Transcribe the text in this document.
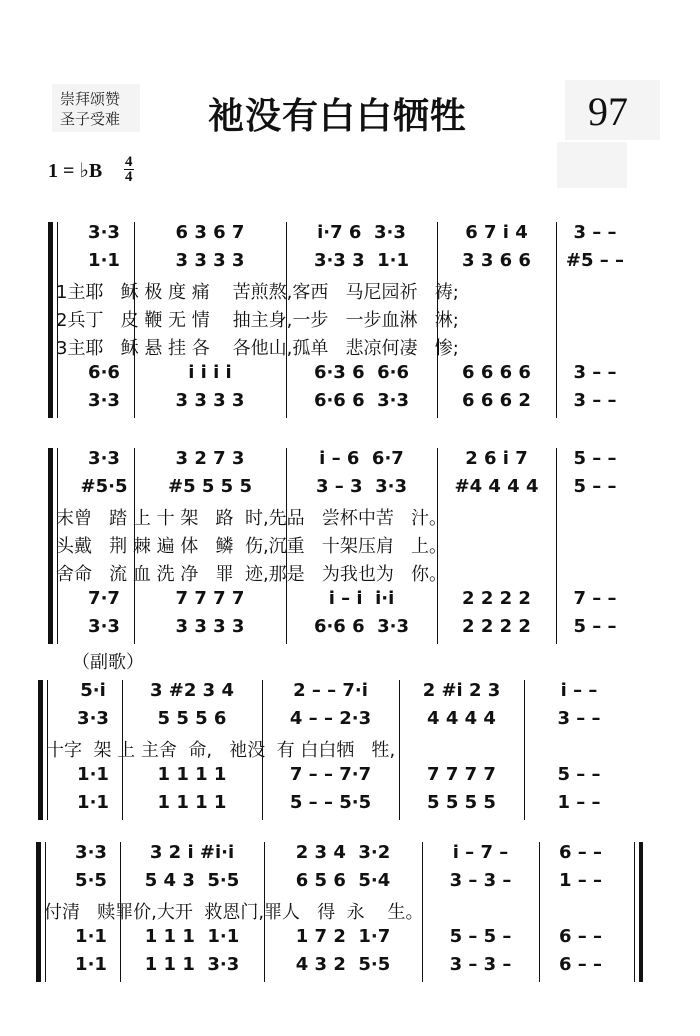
崇拜颂赞
圣子受难 祂没有白白牺牲	97
1 = ♭B $\frac{4}{4}$
3·3	6 3 6 7	i·7 6  3·3	6 7 i 4	3 – –
1·1	3 3 3 3	3·3 3  1·1	3 3 6 6	#5 – –
1主耶   稣 极 度 痛    苦煎熬,客西   马尼园祈   祷;
2兵丁   皮 鞭 无 情    抽主身,一步   一步血淋   淋;
3主耶   稣 悬 挂 各    各他山,孤单   悲凉何凄   惨;
6·6	i i i i	6·3 6  6·6	6 6 6 6	3 – –
3·3	3 3 3 3	6·6 6  3·3	6 6 6 2	3 – –
3·3	3 2 7 3	i – 6  6·7	2 6 i 7	5 – –
#5·5	#5 5 5 5	3 – 3  3·3	#4 4 4 4	5 – –
末曾   踏 上 十 架   路  时,先品   尝杯中苦   汁。
头戴   荆 棘 遍 体   鳞  伤,沉重   十架压肩   上。
舍命   流 血 洗 净   罪  迹,那是   为我也为   你。
7·7	7 7 7 7	i – i  i·i	2 2 2 2	7 – –
3·3	3 3 3 3	6·6 6  3·3	2 2 2 2	5 – –
（副歌）
5·i	3 #2 3 4	2 – – 7·i	2 #i 2 3	i – –
3·3	5 5 5 6	4 – – 2·3	4 4 4 4	3 – –
十字  架 上 主舍  命,   祂没  有 白白牺   牲,
1·1	1 1 1 1	7 – – 7·7	7 7 7 7	5 – –
1·1	1 1 1 1	5 – – 5·5	5 5 5 5	1 – –
3·3	3 2 i #i·i	2 3 4  3·2	i – 7 –	6 – –
5·5	5 4 3  5·5	6 5 6  5·4	3 – 3 –	1 – –
付清   赎罪价,大开  救恩门,罪人   得  永    生。
1·1	1 1 1  1·1	1 7 2  1·7	5 – 5 –	6 – –
1·1	1 1 1  3·3	4 3 2  5·5	3 – 3 –	6 – –
